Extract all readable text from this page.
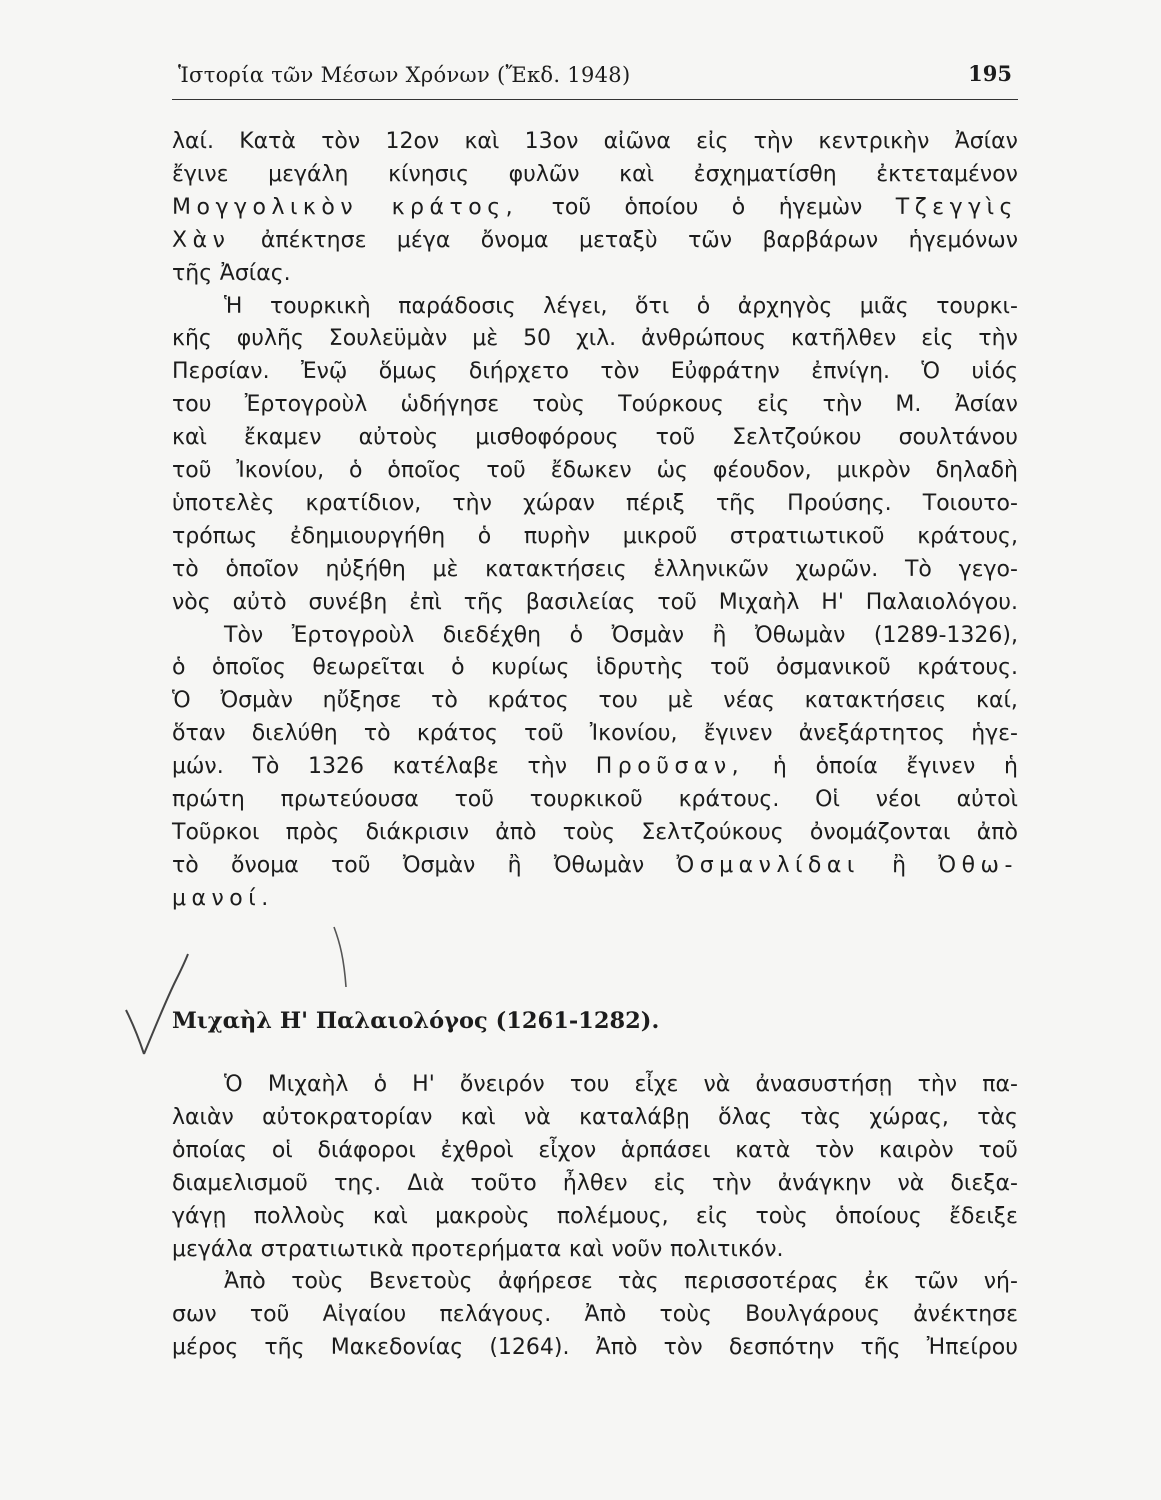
Ἱστορία τῶν Μέσων Χρόνων (Ἔκδ. 1948)	195
λαί. Κατὰ τὸν 12ον καὶ 13ον αἰῶνα εἰς τὴν κεντρικὴν Ἀσίαν
ἔγινε μεγάλη κίνησις φυλῶν καὶ ἐσχηματίσθη ἐκτεταμένον
Μογγολικὸν κράτος, τοῦ ὁποίου ὁ ἡγεμὼν Τζεγγὶς
Χὰν ἀπέκτησε μέγα ὄνομα μεταξὺ τῶν βαρβάρων ἡγεμόνων
τῆς Ἀσίας.
Ἡ τουρκικὴ παράδοσις λέγει, ὅτι ὁ ἀρχηγὸς μιᾶς τουρκι-
κῆς φυλῆς Σουλεϋμὰν μὲ 50 χιλ. ἀνθρώπους κατῆλθεν εἰς τὴν
Περσίαν. Ἐνῷ ὅμως διήρχετο τὸν Εὐφράτην ἐπνίγη. Ὁ υἱός
του Ἐρτογροὺλ ὡδήγησε τοὺς Τούρκους εἰς τὴν Μ. Ἀσίαν
καὶ ἔκαμεν αὐτοὺς μισθοφόρους τοῦ Σελτζούκου σουλτάνου
τοῦ Ἰκονίου, ὁ ὁποῖος τοῦ ἔδωκεν ὡς φέουδον, μικρὸν δηλαδὴ
ὑποτελὲς κρατίδιον, τὴν χώραν πέριξ τῆς Προύσης. Τοιουτο-
τρόπως ἐδημιουργήθη ὁ πυρὴν μικροῦ στρατιωτικοῦ κράτους,
τὸ ὁποῖον ηὐξήθη μὲ κατακτήσεις ἑλληνικῶν χωρῶν. Τὸ γεγο-
νὸς αὐτὸ συνέβη ἐπὶ τῆς βασιλείας τοῦ Μιχαὴλ Η' Παλαιολόγου.
Τὸν Ἐρτογροὺλ διεδέχθη ὁ Ὀσμὰν ἢ Ὀθωμὰν (1289-1326),
ὁ ὁποῖος θεωρεῖται ὁ κυρίως ἱδρυτὴς τοῦ ὀσμανικοῦ κράτους.
Ὁ Ὀσμὰν ηὔξησε τὸ κράτος του μὲ νέας κατακτήσεις καί,
ὅταν διελύθη τὸ κράτος τοῦ Ἰκονίου, ἔγινεν ἀνεξάρτητος ἡγε-
μών. Τὸ 1326 κατέλαβε τὴν Προῦσαν, ἡ ὁποία ἔγινεν ἡ
πρώτη πρωτεύουσα τοῦ τουρκικοῦ κράτους. Οἱ νέοι αὐτοὶ
Τοῦρκοι πρὸς διάκρισιν ἀπὸ τοὺς Σελτζούκους ὀνομάζονται ἀπὸ
τὸ ὄνομα τοῦ Ὀσμὰν ἢ Ὀθωμὰν Ὀσμανλίδαι ἢ Ὀθω-
μανοί.
Ὁ Μιχαὴλ ὁ Η' ὄνειρόν του εἶχε νὰ ἀνασυστήσῃ τὴν πα-
λαιὰν αὐτοκρατορίαν καὶ νὰ καταλάβῃ ὅλας τὰς χώρας, τὰς
ὁποίας οἱ διάφοροι ἐχθροὶ εἶχον ἁρπάσει κατὰ τὸν καιρὸν τοῦ
διαμελισμοῦ της. Διὰ τοῦτο ἦλθεν εἰς τὴν ἀνάγκην νὰ διεξα-
γάγῃ πολλοὺς καὶ μακροὺς πολέμους, εἰς τοὺς ὁποίους ἔδειξε
μεγάλα στρατιωτικὰ προτερήματα καὶ νοῦν πολιτικόν.
Ἀπὸ τοὺς Βενετοὺς ἀφήρεσε τὰς περισσοτέρας ἐκ τῶν νή-
σων τοῦ Αἰγαίου πελάγους. Ἀπὸ τοὺς Βουλγάρους ἀνέκτησε
μέρος τῆς Μακεδονίας (1264). Ἀπὸ τὸν δεσπότην τῆς Ἠπείρου
Μιχαὴλ Η' Παλαιολόγος (1261-1282).
